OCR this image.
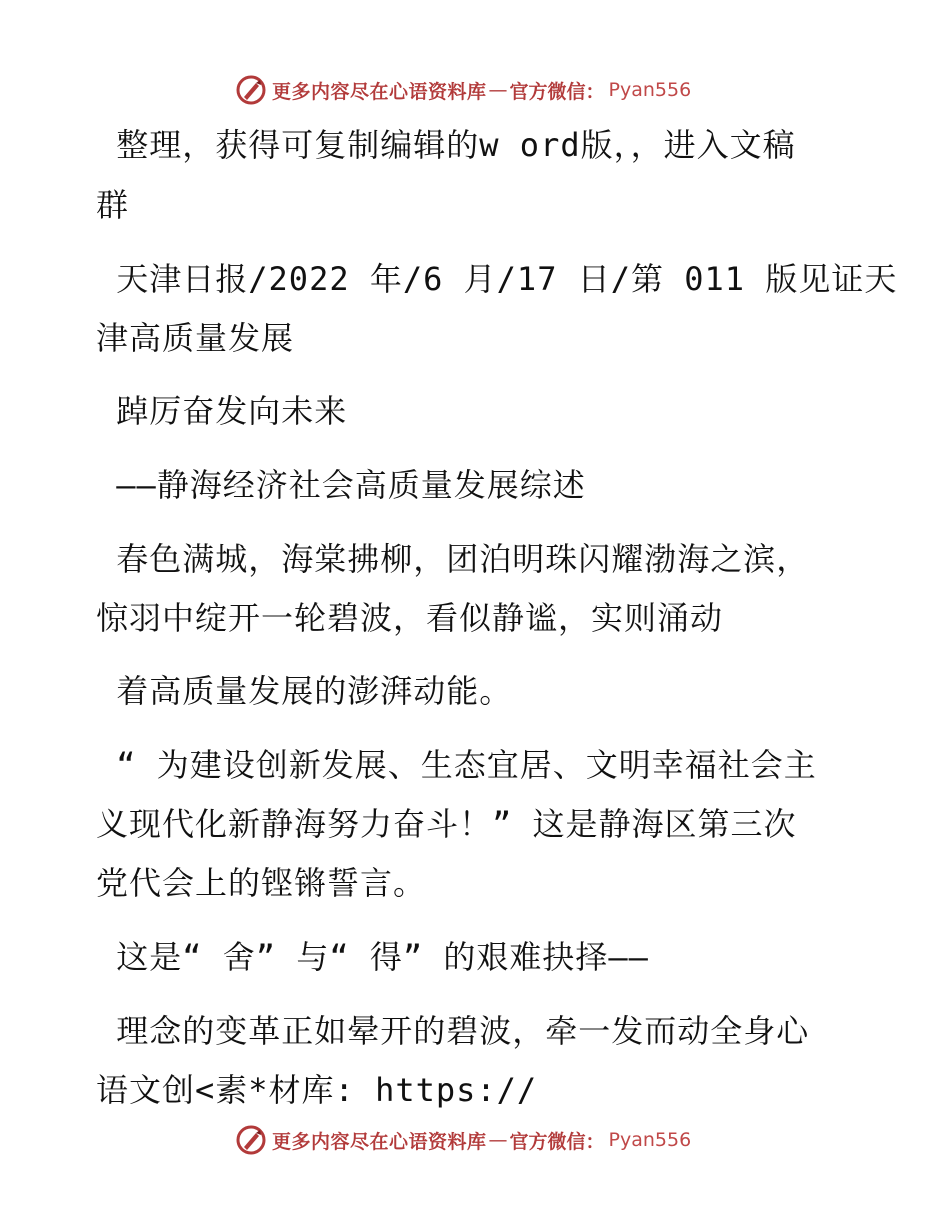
更多内容尽在心语资料库 — 官方微信： Pyan556
整理，获得可复制编辑的w ord版，，进入文稿
群
天津日报/2022 年/6 月/17 日/第 011 版见证天
津高质量发展
踔厉奋发向未来
——静海经济社会高质量发展综述
春色满城，海棠拂柳，团泊明珠闪耀渤海之滨，
惊羽中绽开一轮碧波，看似静谧，实则涌动
着高质量发展的澎湃动能。
“ 为建设创新发展、生态宜居、文明幸福社会主
义现代化新静海努力奋斗！” 这是静海区第三次
党代会上的铿锵誓言。
这是“ 舍” 与“ 得” 的艰难抉择——
理念的变革正如晕开的碧波，牵一发而动全身心
语文创<素*材库: https://
更多内容尽在心语资料库 — 官方微信： Pyan556
